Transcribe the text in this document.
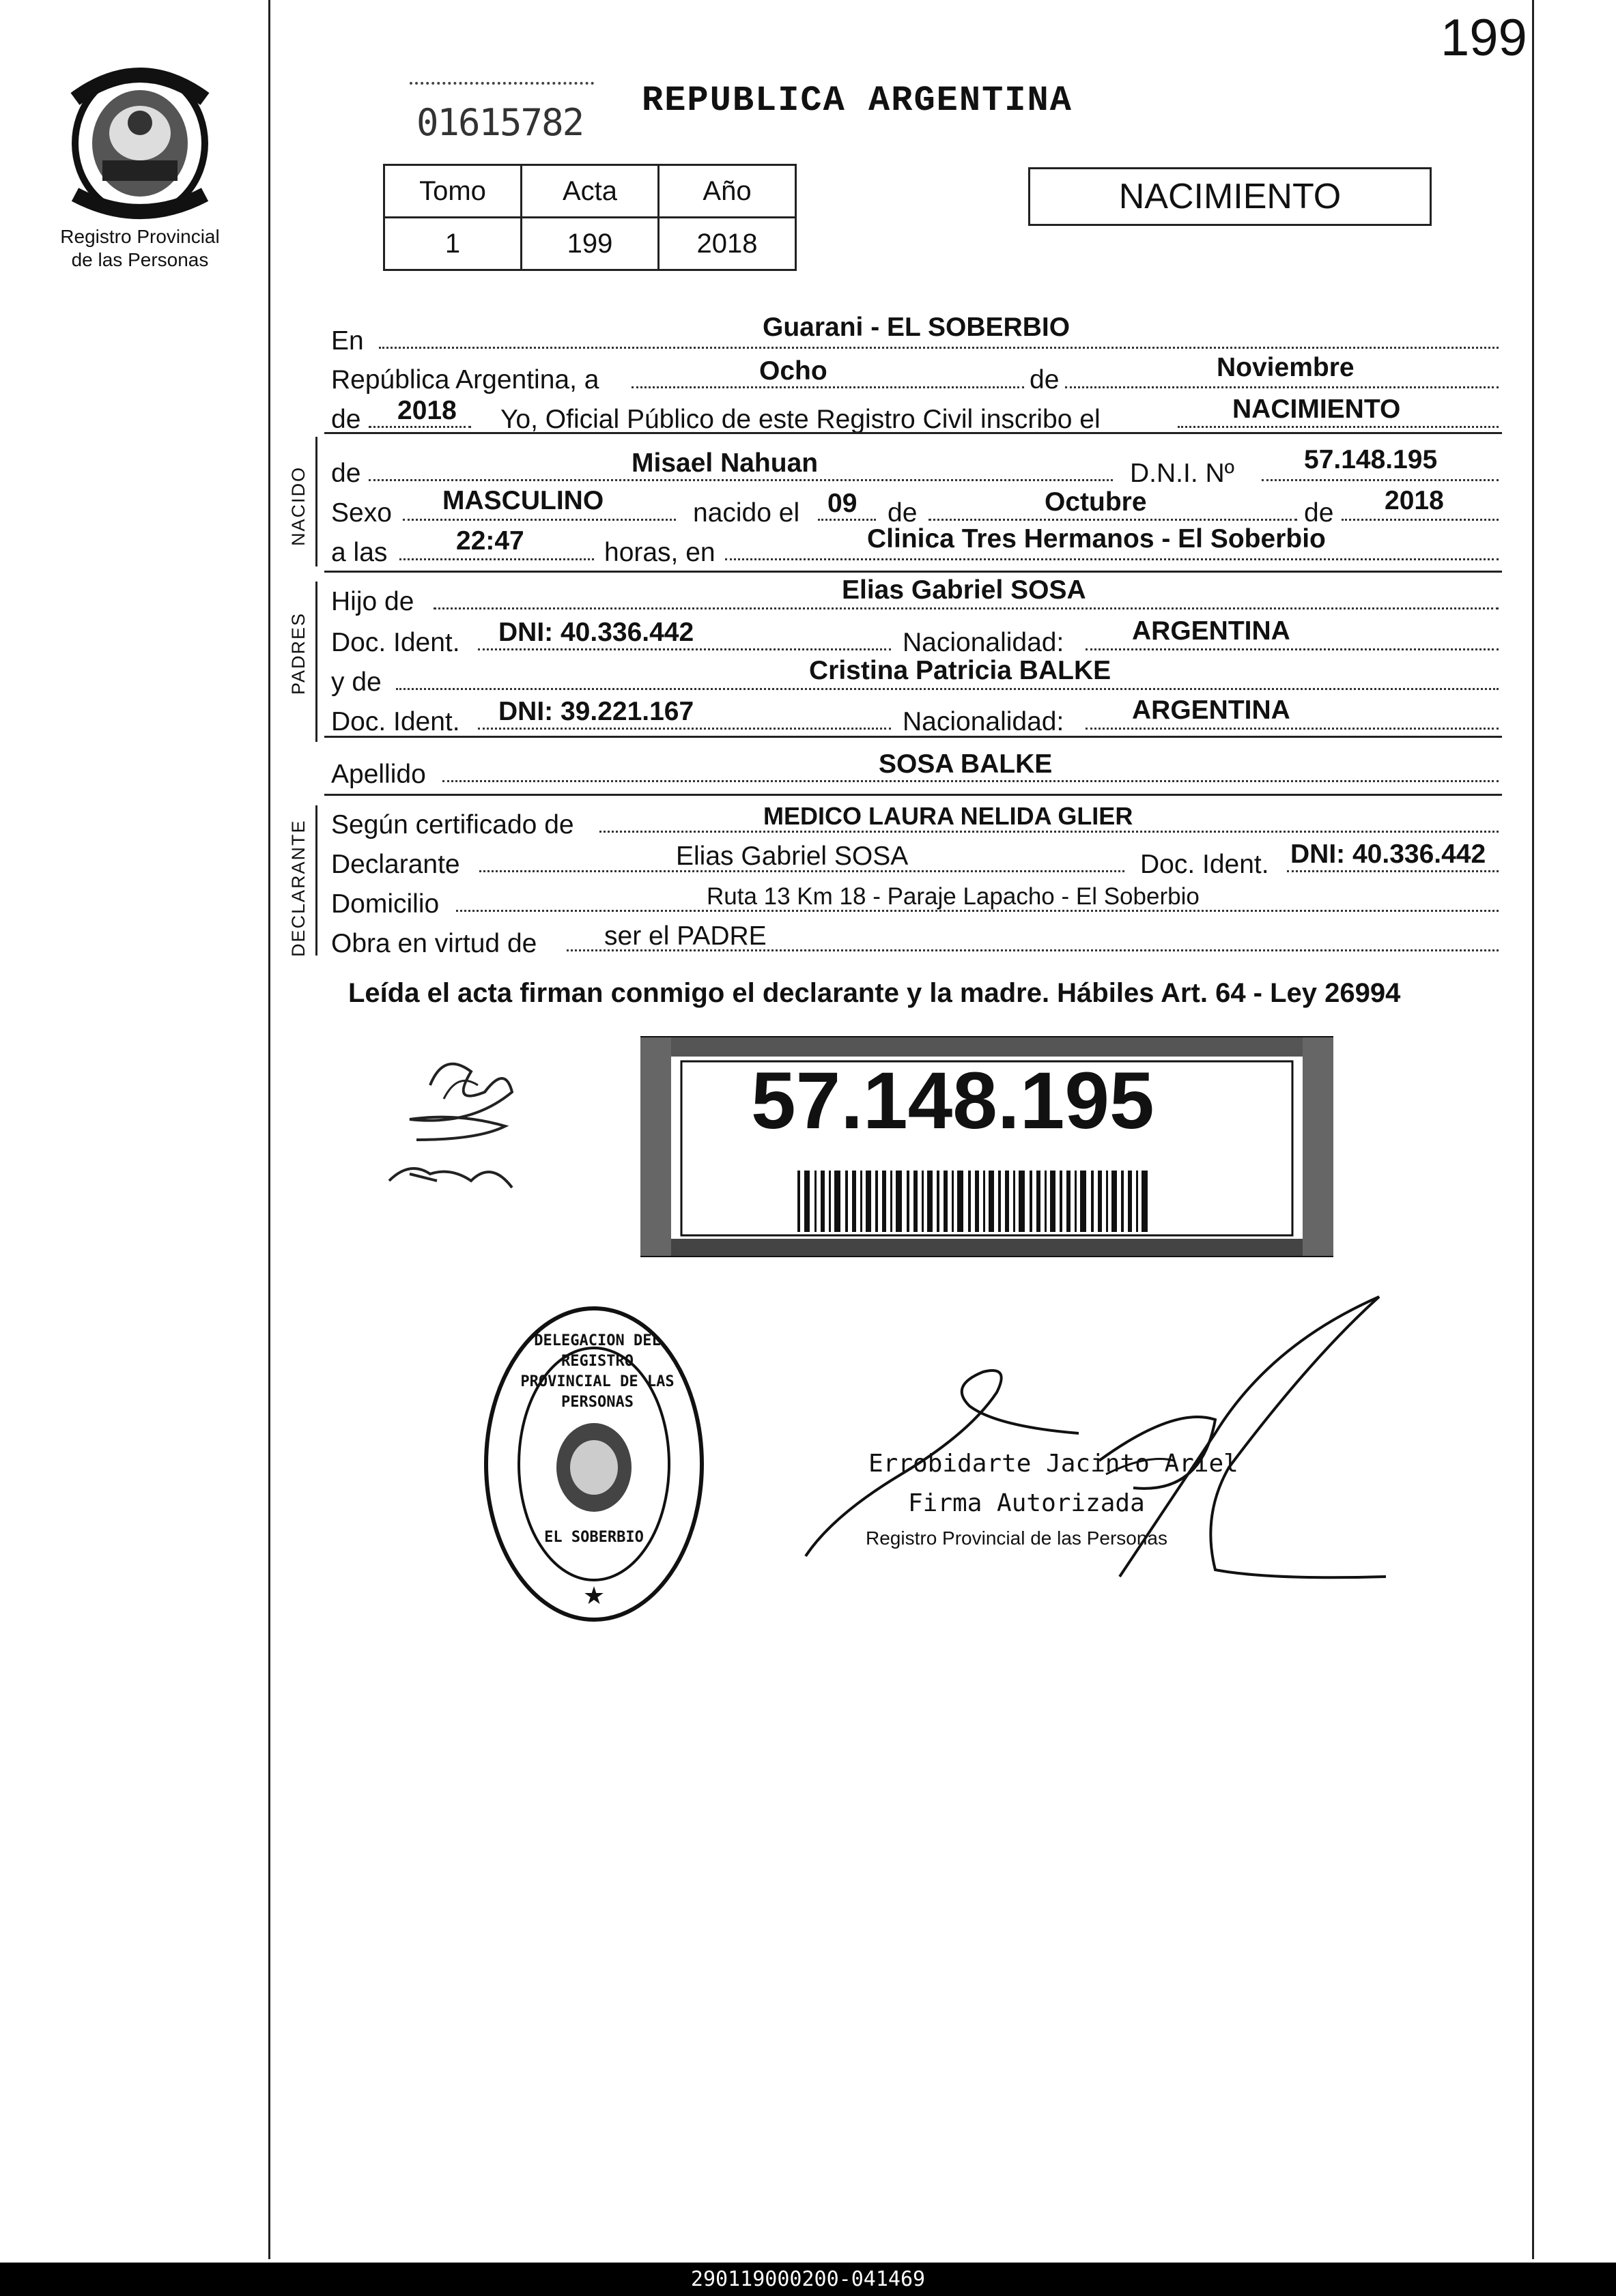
199
Registro Provincial
de las Personas
01615782
REPUBLICA ARGENTINA
Tomo	Acta	Año
1	199	2018
NACIMIENTO
En	Guarani - EL SOBERBIO
República Argentina, a	Ocho	de	Noviembre
de 2018 Yo, Oficial Público de este Registro Civil inscribo el	NACIMIENTO
NACIDO de	Misael Nahuan	D.N.I. Nº	57.148.195
Sexo MASCULINO	nacido el 09 de	Octubre	de 2018
a las	22:47	horas, en	Clinica Tres Hermanos - El Soberbio
PADRES
Hijo de	Elias Gabriel SOSA
Doc. Ident. DNI: 40.336.442	Nacionalidad:	ARGENTINA
y de	Cristina Patricia BALKE
Doc. Ident. DNI: 39.221.167	Nacionalidad:	ARGENTINA
Apellido	SOSA BALKE
DECLARANTE Según certificado de	MEDICO LAURA NELIDA GLIER
Declarante	Elias Gabriel SOSA	Doc. Ident. DNI: 40.336.442
Domicilio	Ruta 13 Km 18 - Paraje Lapacho - El Soberbio
Obra en virtud de	ser el PADRE
Leída el acta firman conmigo el declarante y la madre. Hábiles Art. 64 - Ley 26994
57.148.195
★
DELEGACION DEL REGISTRO PROVINCIAL DE LAS PERSONAS
EL SOBERBIO
Errobidarte Jacinto Ariel
Firma Autorizada
Registro Provincial de las Personas
290119000200-041469
